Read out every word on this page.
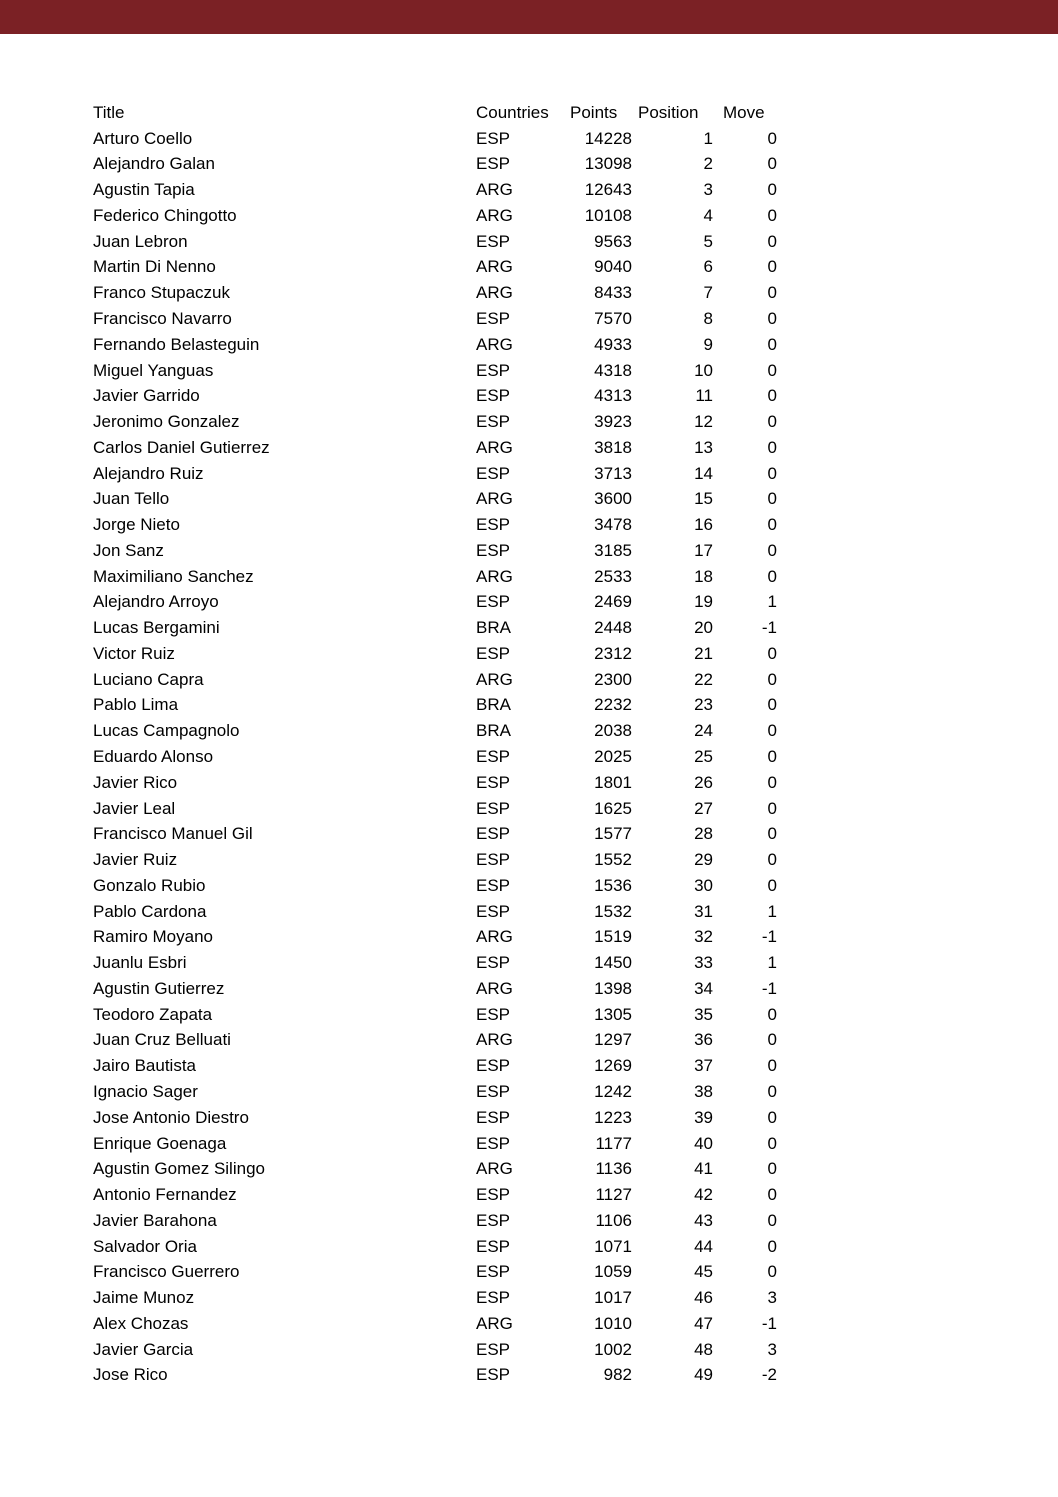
Title	Countries	Points	Position	Move
Arturo Coello	ESP	14228	1	0
Alejandro Galan	ESP	13098	2	0
Agustin Tapia	ARG	12643	3	0
Federico Chingotto	ARG	10108	4	0
Juan Lebron	ESP	9563	5	0
Martin Di Nenno	ARG	9040	6	0
Franco Stupaczuk	ARG	8433	7	0
Francisco Navarro	ESP	7570	8	0
Fernando Belasteguin	ARG	4933	9	0
Miguel Yanguas	ESP	4318	10	0
Javier Garrido	ESP	4313	11	0
Jeronimo Gonzalez	ESP	3923	12	0
Carlos Daniel Gutierrez	ARG	3818	13	0
Alejandro Ruiz	ESP	3713	14	0
Juan Tello	ARG	3600	15	0
Jorge Nieto	ESP	3478	16	0
Jon Sanz	ESP	3185	17	0
Maximiliano Sanchez	ARG	2533	18	0
Alejandro Arroyo	ESP	2469	19	1
Lucas Bergamini	BRA	2448	20	-1
Victor Ruiz	ESP	2312	21	0
Luciano Capra	ARG	2300	22	0
Pablo Lima	BRA	2232	23	0
Lucas Campagnolo	BRA	2038	24	0
Eduardo Alonso	ESP	2025	25	0
Javier Rico	ESP	1801	26	0
Javier Leal	ESP	1625	27	0
Francisco Manuel Gil	ESP	1577	28	0
Javier Ruiz	ESP	1552	29	0
Gonzalo Rubio	ESP	1536	30	0
Pablo Cardona	ESP	1532	31	1
Ramiro Moyano	ARG	1519	32	-1
Juanlu Esbri	ESP	1450	33	1
Agustin Gutierrez	ARG	1398	34	-1
Teodoro Zapata	ESP	1305	35	0
Juan Cruz Belluati	ARG	1297	36	0
Jairo Bautista	ESP	1269	37	0
Ignacio Sager	ESP	1242	38	0
Jose Antonio Diestro	ESP	1223	39	0
Enrique Goenaga	ESP	1177	40	0
Agustin Gomez Silingo	ARG	1136	41	0
Antonio Fernandez	ESP	1127	42	0
Javier Barahona	ESP	1106	43	0
Salvador Oria	ESP	1071	44	0
Francisco Guerrero	ESP	1059	45	0
Jaime Munoz	ESP	1017	46	3
Alex Chozas	ARG	1010	47	-1
Javier Garcia	ESP	1002	48	3
Jose Rico	ESP	982	49	-2
